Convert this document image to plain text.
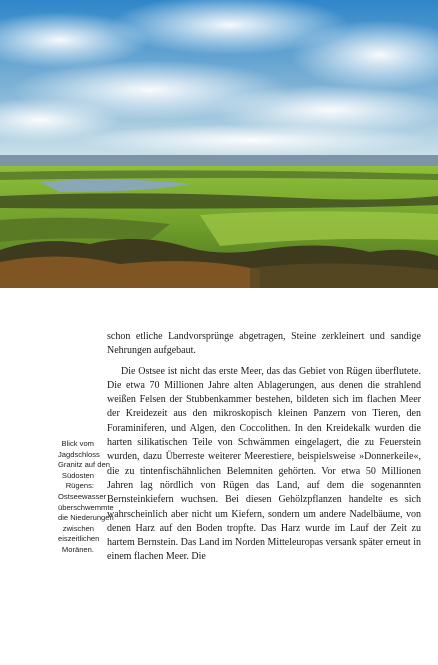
Blick vom
Jagdschloss
Granitz auf den
Südosten
Rügens:
Ostseewasser
überschwemmte
die Niederungen
zwischen
eiszeitlichen
Moränen.

schon etliche Landvorsprünge abgetragen, Steine zerkleinert und sandige Nehrungen aufgebaut.

Die Ostsee ist nicht das erste Meer, das das Gebiet von Rügen überflutete. Die etwa 70 Millionen Jahre alten Ablagerungen, aus denen die strahlend weißen Felsen der Stubbenkammer bestehen, bildeten sich im flachen Meer der Kreidezeit aus den mikroskopisch kleinen Panzern von Tieren, den Foraminiferen, und Algen, den Coccolithen. In den Kreidekalk wurden die harten silikatischen Teile von Schwämmen eingelagert, die zu Feuerstein wurden, dazu Überreste weiterer Meerestiere, beispielsweise »Donnerkeile«, die zu tintenfischähnlichen Belemniten gehörten. Vor etwa 50 Millionen Jahren lag nördlich von Rügen das Land, auf dem die sogenannten Bernsteinkiefern wuchsen. Bei diesen Gehölzpflanzen handelte es sich wahrscheinlich aber nicht um Kiefern, sondern um andere Nadelbäume, von denen Harz auf den Boden tropfte. Das Harz wurde im Lauf der Zeit zu hartem Bernstein. Das Land im Norden Mitteleuropas versank später erneut in einem flachen Meer. Die
